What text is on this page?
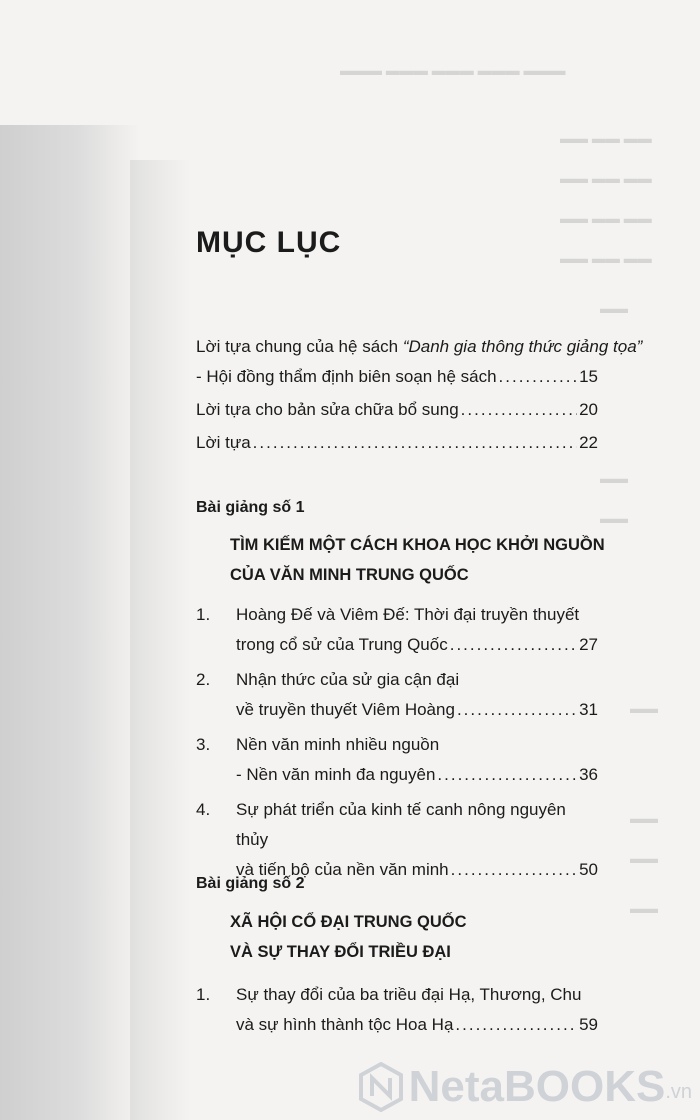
▬▬▬ ▬▬▬ ▬▬▬ ▬▬▬ ▬▬▬
▬▬ ▬▬ ▬▬
▬▬ ▬▬ ▬▬
▬▬ ▬▬ ▬▬
▬▬ ▬▬ ▬▬
▬▬
▬▬
▬▬
▬▬
▬▬
▬▬
▬▬
MỤC LỤC
Lời tựa chung của hệ sách “Danh gia thông thức giảng tọa”
- Hội đồng thẩm định biên soạn hệ sách .....	15
Lời tựa cho bản sửa chữa bổ sung .....	20
Lời tựa .....	22
Bài giảng số 1
TÌM KIẾM MỘT CÁCH KHOA HỌC KHỞI NGUỒN
CỦA VĂN MINH TRUNG QUỐC
1. Hoàng Đế và Viêm Đế: Thời đại truyền thuyết
trong cổ sử của Trung Quốc .....	27
2. Nhận thức của sử gia cận đại
về truyền thuyết Viêm Hoàng .....	31
3. Nền văn minh nhiều nguồn
- Nền văn minh đa nguyên .....	36
4. Sự phát triển của kinh tế canh nông nguyên thủy
và tiến bộ của nền văn minh .....	50
Bài giảng số 2
XÃ HỘI CỔ ĐẠI TRUNG QUỐC
VÀ SỰ THAY ĐỔI TRIỀU ĐẠI
1. Sự thay đổi của ba triều đại Hạ, Thương, Chu
và sự hình thành tộc Hoa Hạ .....	59
NetaBOOKS .vn
